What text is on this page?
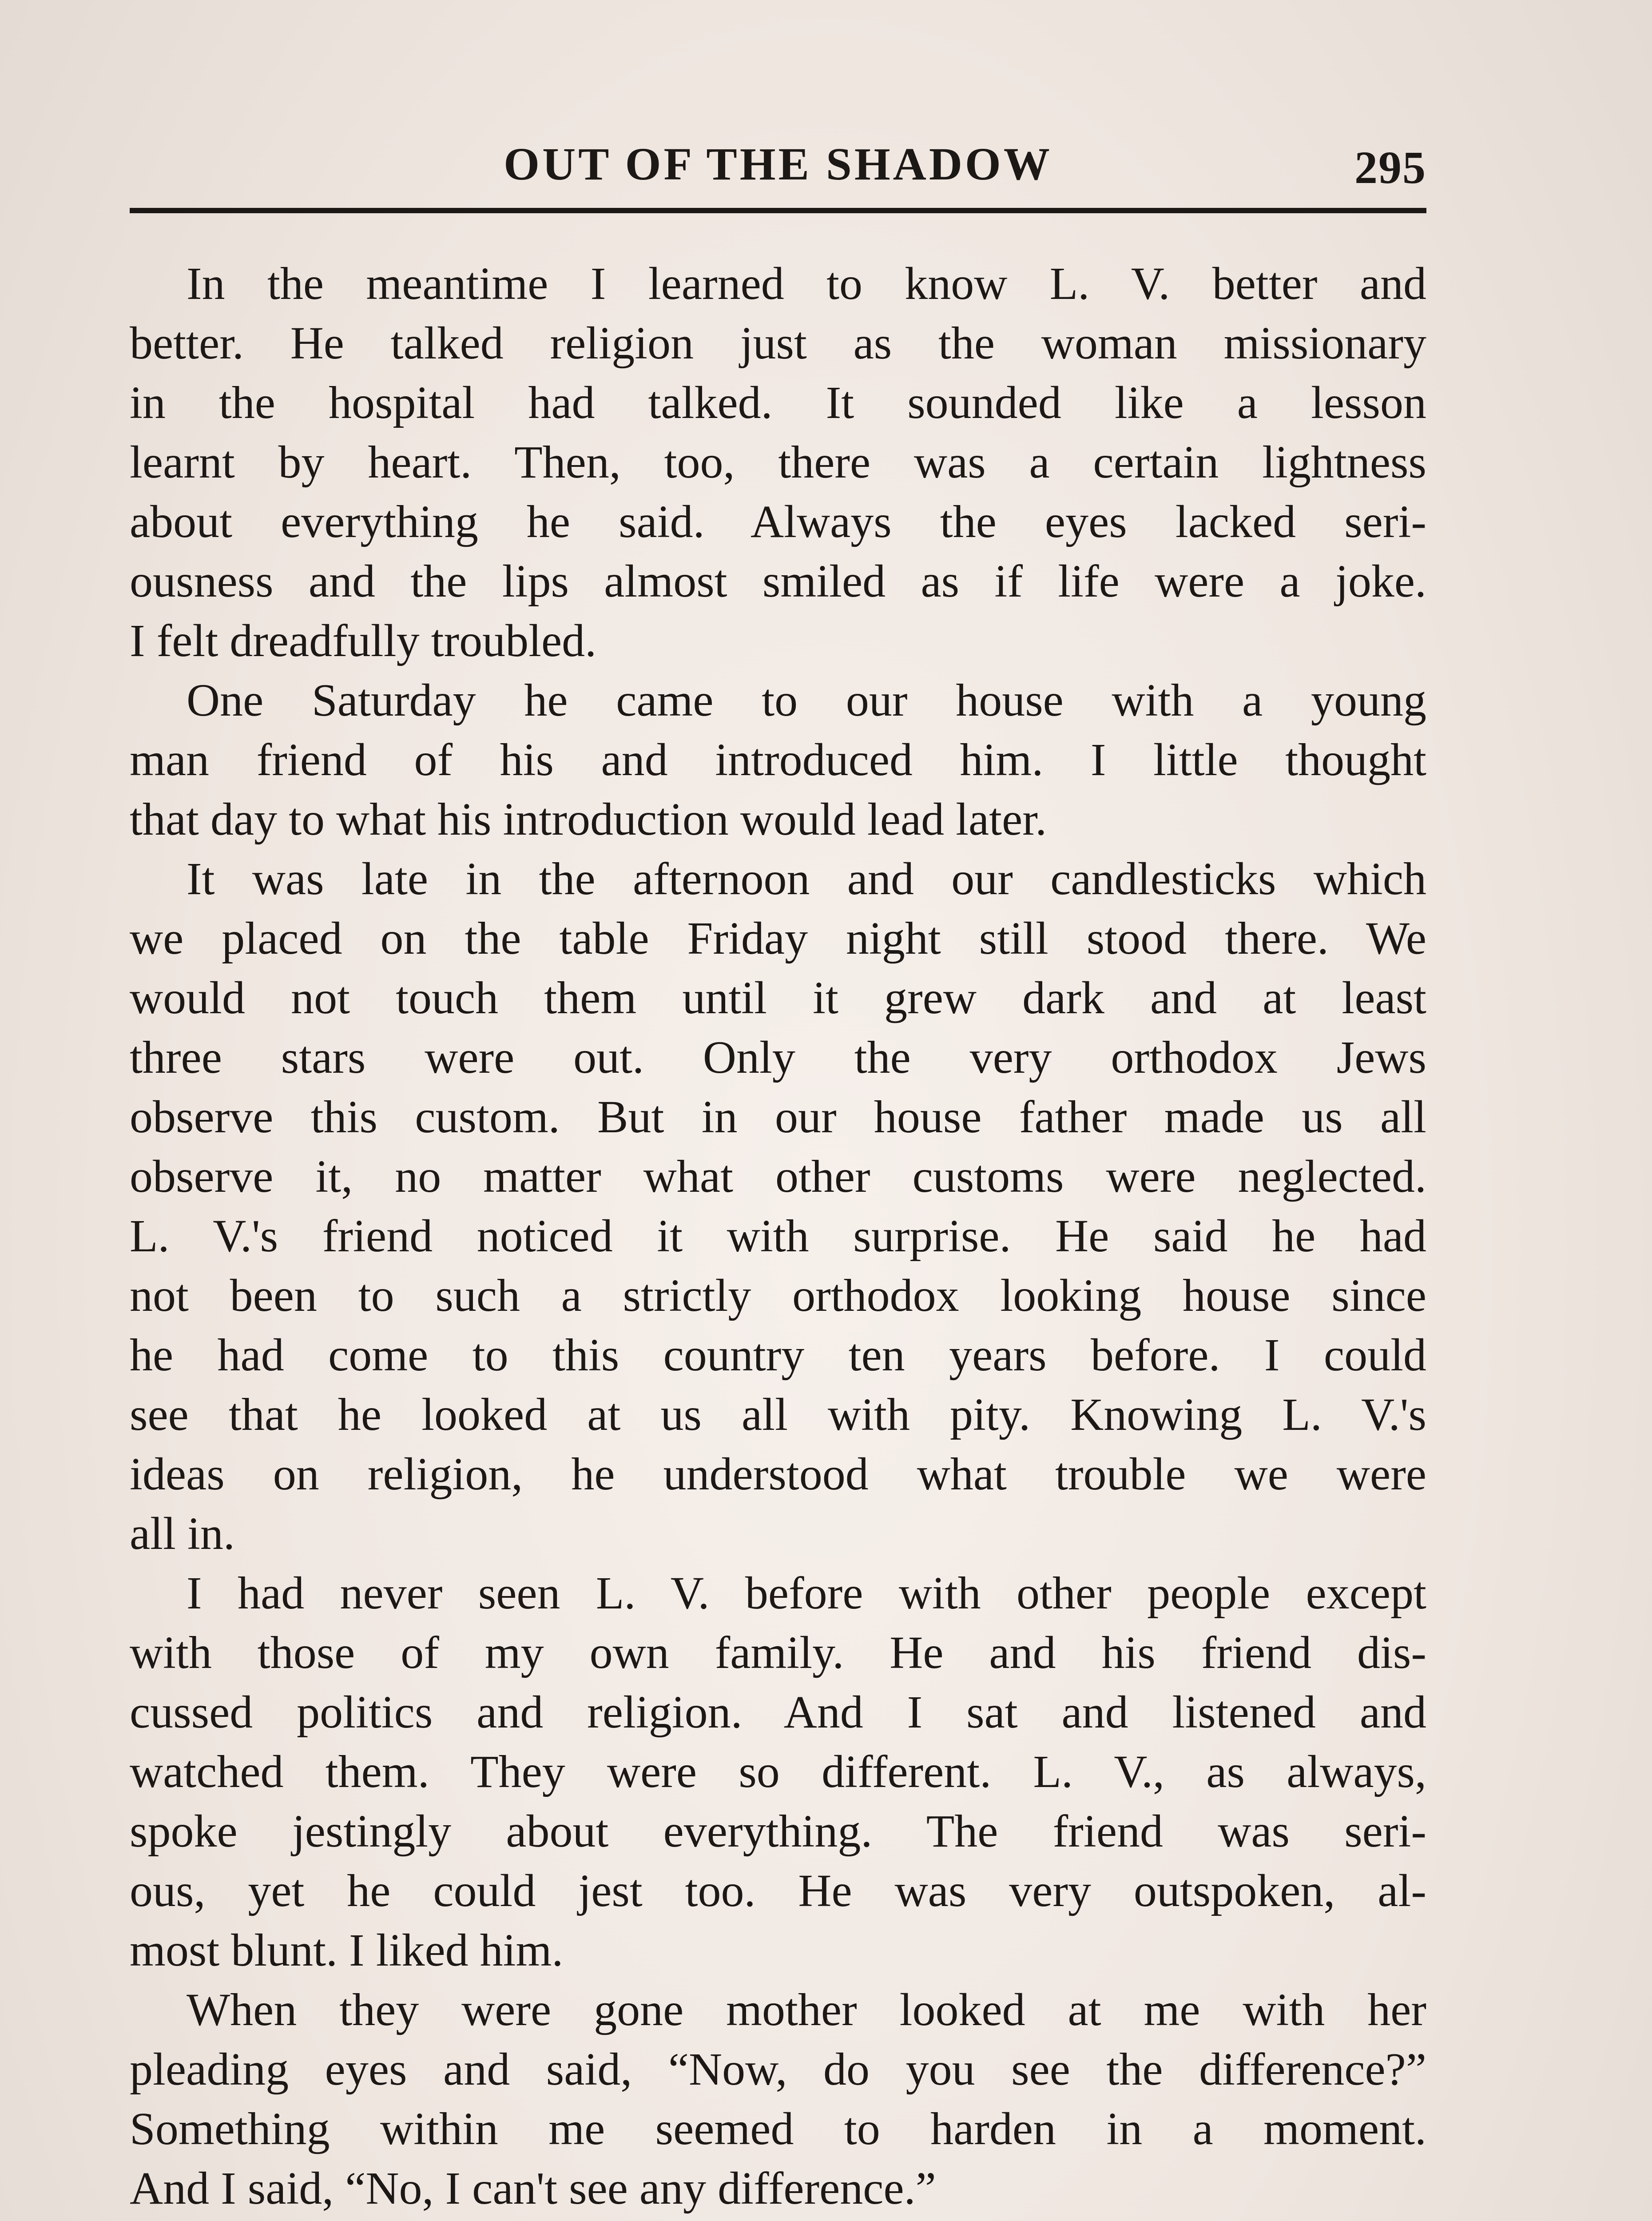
OUT OF THE SHADOW	295
In the meantime I learned to know L. V. better and
better. He talked religion just as the woman missionary
in the hospital had talked. It sounded like a lesson
learnt by heart. Then, too, there was a certain lightness
about everything he said. Always the eyes lacked seri-
ousness and the lips almost smiled as if life were a joke.
I felt dreadfully troubled.
One Saturday he came to our house with a young
man friend of his and introduced him. I little thought
that day to what his introduction would lead later.
It was late in the afternoon and our candlesticks which
we placed on the table Friday night still stood there. We
would not touch them until it grew dark and at least
three stars were out. Only the very orthodox Jews
observe this custom. But in our house father made us all
observe it, no matter what other customs were neglected.
L. V.'s friend noticed it with surprise. He said he had
not been to such a strictly orthodox looking house since
he had come to this country ten years before. I could
see that he looked at us all with pity. Knowing L. V.'s
ideas on religion, he understood what trouble we were
all in.
I had never seen L. V. before with other people except
with those of my own family. He and his friend dis-
cussed politics and religion. And I sat and listened and
watched them. They were so different. L. V., as always,
spoke jestingly about everything. The friend was seri-
ous, yet he could jest too. He was very outspoken, al-
most blunt. I liked him.
When they were gone mother looked at me with her
pleading eyes and said, “Now, do you see the difference?”
Something within me seemed to harden in a moment.
And I said, “No, I can't see any difference.”
